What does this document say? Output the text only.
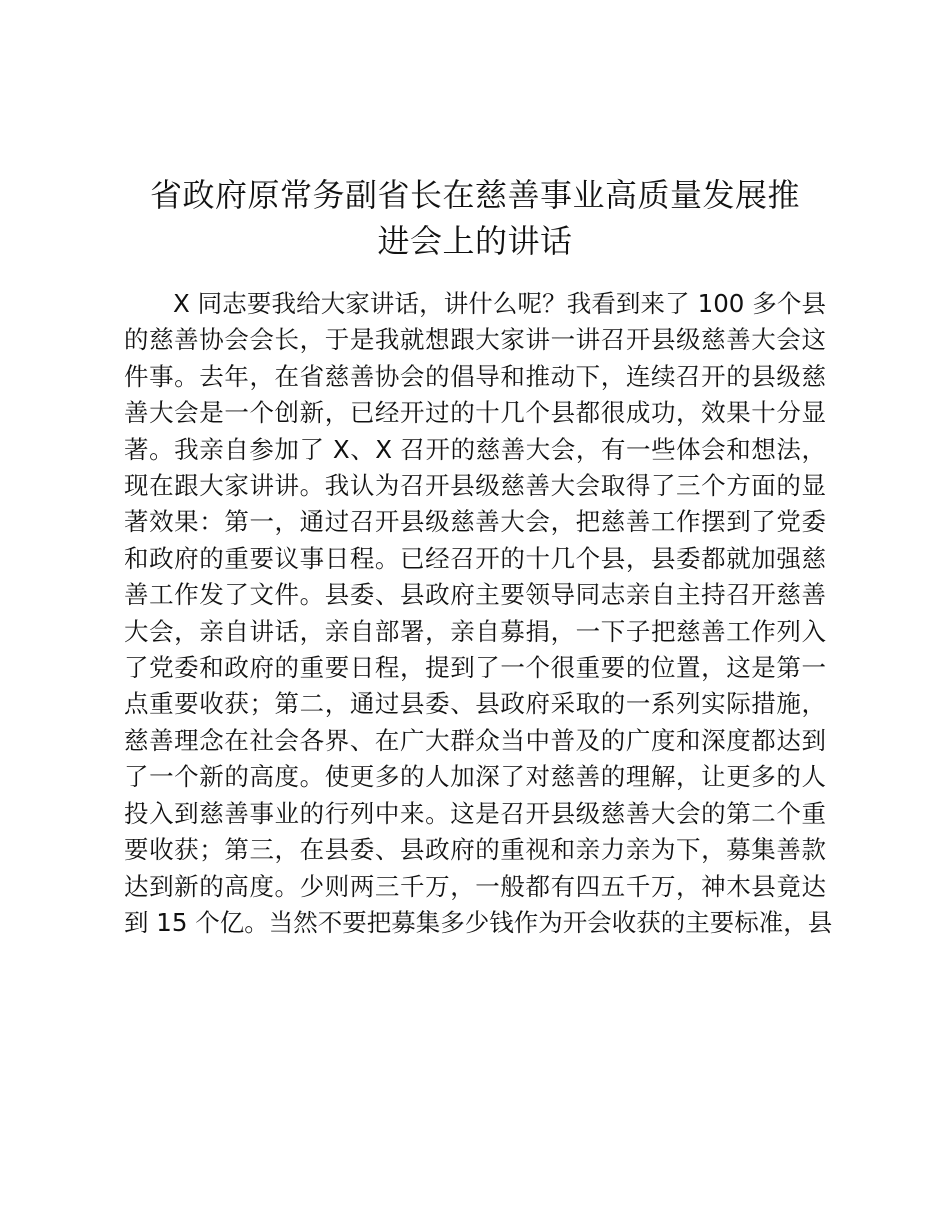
省政府原常务副省长在慈善事业高质量发展推
进会上的讲话
X 同志要我给大家讲话，讲什么呢？我看到来了 100 多个县
的慈善协会会长，于是我就想跟大家讲一讲召开县级慈善大会这
件事。去年，在省慈善协会的倡导和推动下，连续召开的县级慈
善大会是一个创新，已经开过的十几个县都很成功，效果十分显
著。我亲自参加了 X、X 召开的慈善大会，有一些体会和想法，
现在跟大家讲讲。我认为召开县级慈善大会取得了三个方面的显
著效果：第一，通过召开县级慈善大会，把慈善工作摆到了党委
和政府的重要议事日程。已经召开的十几个县，县委都就加强慈
善工作发了文件。县委、县政府主要领导同志亲自主持召开慈善
大会，亲自讲话，亲自部署，亲自募捐，一下子把慈善工作列入
了党委和政府的重要日程，提到了一个很重要的位置，这是第一
点重要收获；第二，通过县委、县政府采取的一系列实际措施，
慈善理念在社会各界、在广大群众当中普及的广度和深度都达到
了一个新的高度。使更多的人加深了对慈善的理解，让更多的人
投入到慈善事业的行列中来。这是召开县级慈善大会的第二个重
要收获；第三，在县委、县政府的重视和亲力亲为下，募集善款
达到新的高度。少则两三千万，一般都有四五千万，神木县竟达
到 15 个亿。当然不要把募集多少钱作为开会收获的主要标准，县
